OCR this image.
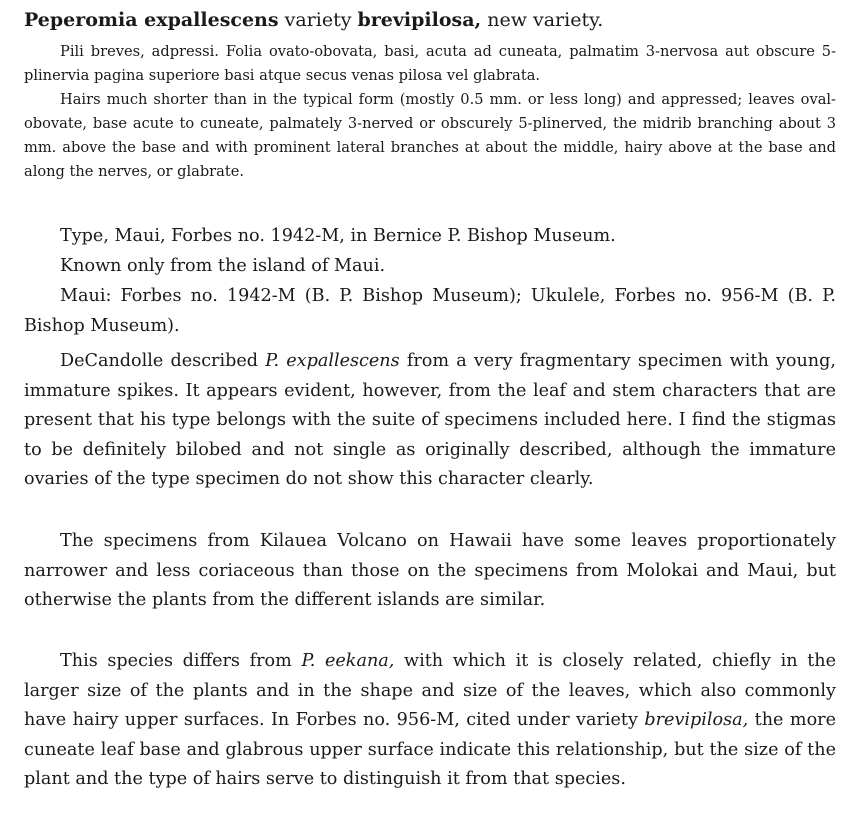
Peperomia expallescens variety brevipilosa, new variety.

Pili breves, adpressi. Folia ovato-obovata, basi, acuta ad cuneata, palmatim 3-nervosa aut obscure 5-plinervia pagina superiore basi atque secus venas pilosa vel glabrata.

Hairs much shorter than in the typical form (mostly 0.5 mm. or less long) and appressed; leaves oval-obovate, base acute to cuneate, palmately 3-nerved or obscurely 5-plinerved, the midrib branching about 3 mm. above the base and with prominent lateral branches at about the middle, hairy above at the base and along the nerves, or glabrate.

Type, Maui, Forbes no. 1942-M, in Bernice P. Bishop Museum.

Known only from the island of Maui.

Maui: Forbes no. 1942-M (B. P. Bishop Museum); Ukulele, Forbes no. 956-M (B. P. Bishop Museum).

DeCandolle described P. expallescens from a very fragmentary specimen with young, immature spikes. It appears evident, however, from the leaf and stem characters that are present that his type belongs with the suite of specimens included here. I find the stigmas to be definitely bilobed and not single as originally described, although the immature ovaries of the type specimen do not show this character clearly.

The specimens from Kilauea Volcano on Hawaii have some leaves proportionately narrower and less coriaceous than those on the specimens from Molokai and Maui, but otherwise the plants from the different islands are similar.

This species differs from P. eekana, with which it is closely related, chiefly in the larger size of the plants and in the shape and size of the leaves, which also commonly have hairy upper surfaces. In Forbes no. 956-M, cited under variety brevipilosa, the more cuneate leaf base and glabrous upper surface indicate this relationship, but the size of the plant and the type of hairs serve to distinguish it from that species.
